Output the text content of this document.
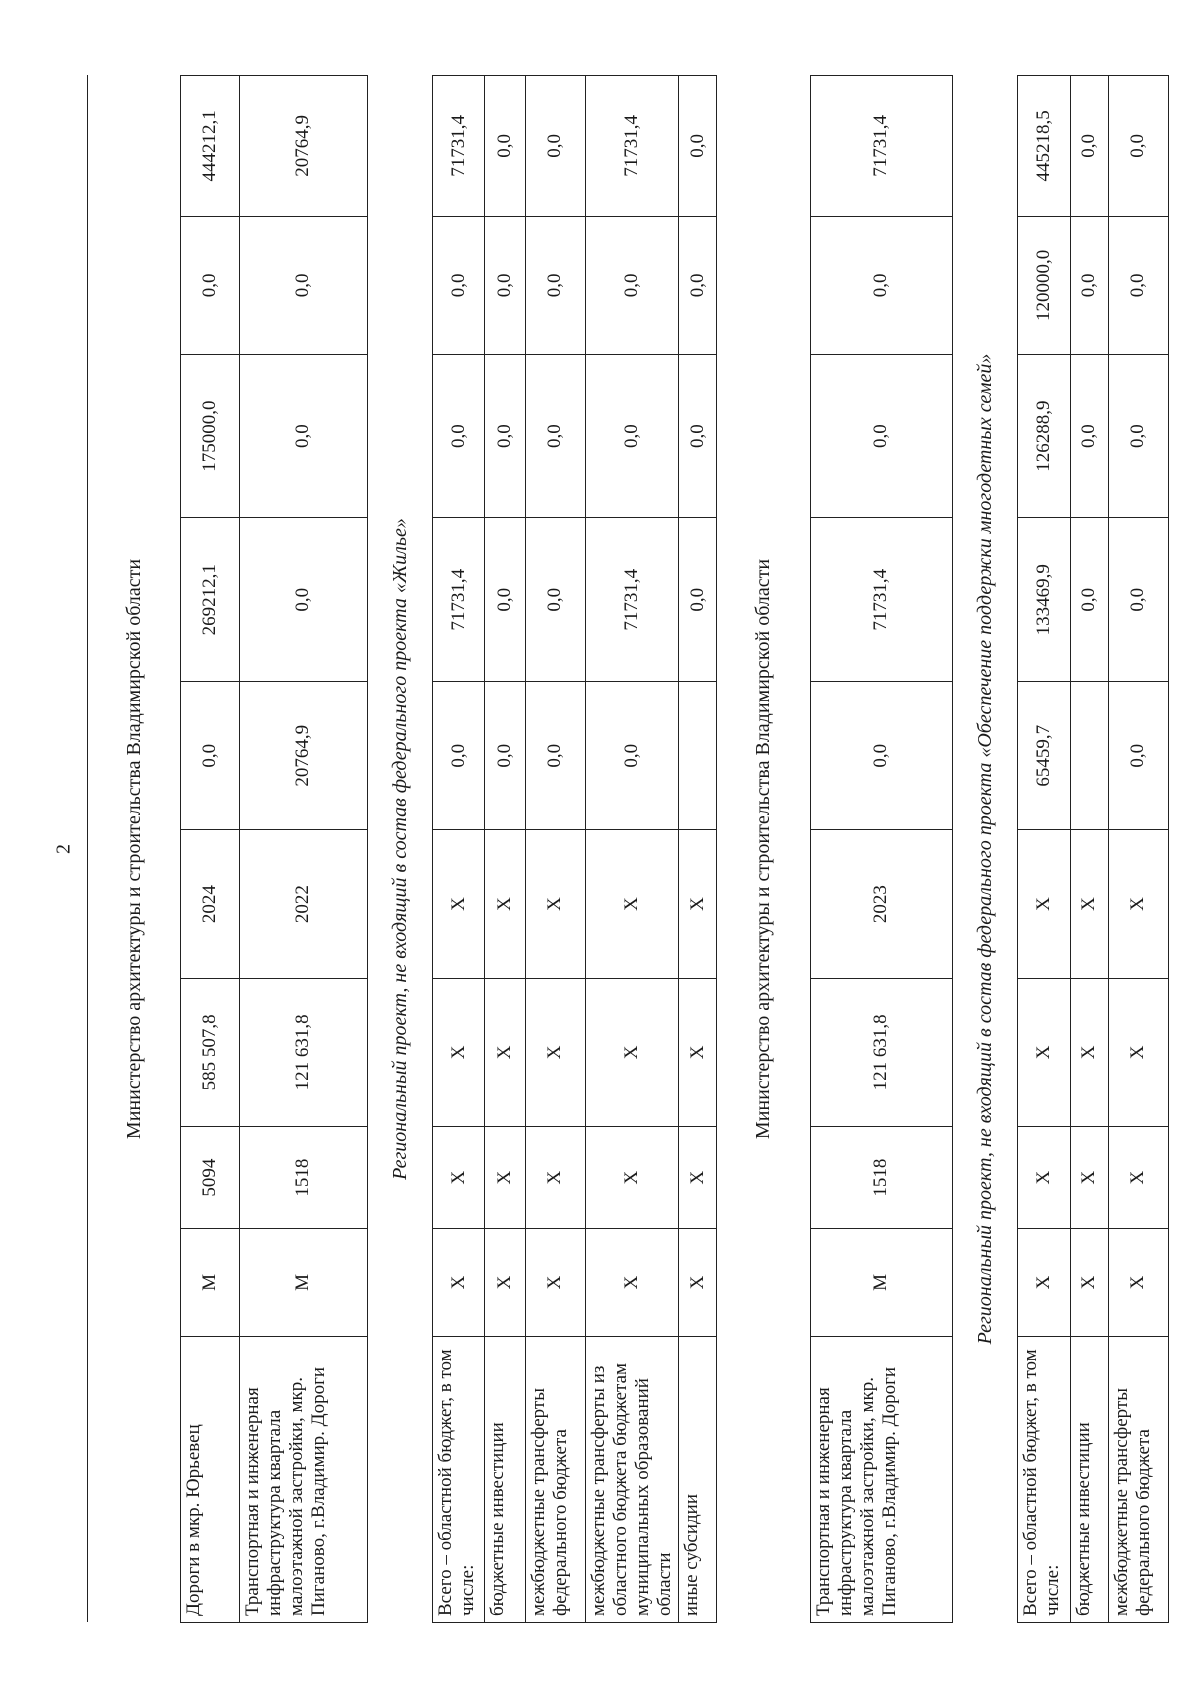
2 Министерство архитектуры и строительства Владимирской области									
Дороги в мкр. Юрьевец	М	5094	585 507,8	2024	0,0	269212,1	175000,0	0,0	444212,1
Транспортная и инженерная инфраструктура квартала малоэтажной застройки, мкр. Пиганово, г.Владимир. Дороги	М	1518	121 631,8	2022	20764,9	0,0	0,0	0,0	20764,9
Региональный проект, не входящий в состав федерального проекта «Жилье»									
Всего – областной бюджет, в том числе:	Х	Х	Х	Х	0,0	71731,4	0,0	0,0	71731,4
бюджетные инвестиции	Х	Х	Х	Х	0,0	0,0	0,0	0,0	0,0
межбюджетные трансферты федерального бюджета	Х	Х	Х	Х	0,0	0,0	0,0	0,0	0,0
межбюджетные трансферты из областного бюджета бюджетам муниципальных образований области	Х	Х	Х	Х	0,0	71731,4	0,0	0,0	71731,4
иные субсидии	Х	Х	Х	Х		0,0	0,0	0,0	0,0
Министерство архитектуры и строительства Владимирской области									
Транспортная и инженерная инфраструктура квартала малоэтажной застройки, мкр. Пиганово, г.Владимир. Дороги	М	1518	121 631,8	2023	0,0	71731,4	0,0	0,0	71731,4
Региональный проект, не входящий в состав федерального проекта «Обеспечение поддержки многодетных семей»									
Всего – областной бюджет, в том числе:	Х	Х	Х	Х	65459,7	133469,9	126288,9	120000,0	445218,5
бюджетные инвестиции	Х	Х	Х	Х		0,0	0,0	0,0	0,0
межбюджетные трансферты федерального бюджета	Х	Х	Х	Х	0,0	0,0	0,0	0,0	0,0
